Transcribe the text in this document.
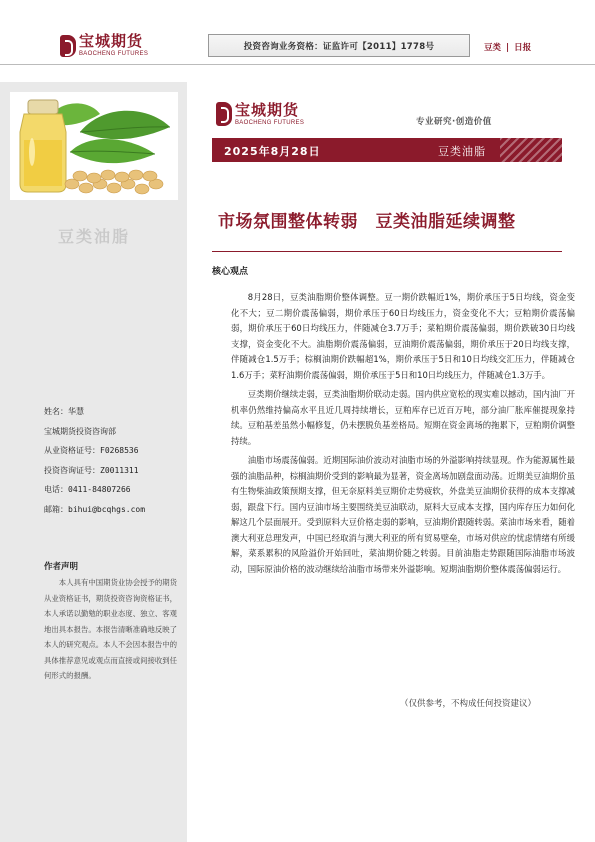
宝城期货
BAOCHENG FUTURES
投资咨询业务资格：证监许可【2011】1778号	豆类 | 日报
豆类油脂
姓名：华慧
宝城期货投资咨询部
从业资格证号：F0268536
投资咨询证号：Z0011311
电话：0411-84807266
邮箱：bihui@bcqhgs.com
作者声明
本人具有中国期货业协会授予的期货从业资格证书，期货投资咨询资格证书，本人承诺以勤勉的职业态度、独立、客观地出具本报告。本报告清晰准确地反映了本人的研究观点。本人不会因本报告中的具体推荐意见或观点而直接或间接收到任何形式的报酬。
宝城期货
BAOCHENG FUTURES	专业研究·创造价值
2025年8月28日	豆类油脂
市场氛围整体转弱　豆类油脂延续调整
核心观点

8月28日，豆类油脂期价整体调整。豆一期价跌幅近1%，期价承压于5日均线，资金变化不大；豆二期价震荡偏弱，期价承压于60日均线压力，资金变化不大；豆粕期价震荡偏弱，期价承压于60日均线压力，伴随减仓3.7万手；菜粕期价震荡偏弱，期价跌破30日均线支撑，资金变化不大。油脂期价震荡偏弱，豆油期价震荡偏弱，期价承压于20日均线支撑，伴随减仓1.5万手；棕榈油期价跌幅超1%，期价承压于5日和10日均线交汇压力，伴随减仓1.6万手；菜籽油期价震荡偏弱，期价承压于5日和10日均线压力，伴随减仓1.3万手。

豆类期价继续走弱，豆类油脂期价联动走弱。国内供应宽松的现实难以撼动，国内油厂开机率仍然维持偏高水平且近几周持续增长，豆粕库存已近百万吨，部分油厂胀库催提现象持续。豆粕基差虽然小幅修复，仍未摆脱负基差格局。短期在资金离场的拖累下，豆粕期价调整持续。

油脂市场震荡偏弱。近期国际油价波动对油脂市场的外溢影响持续显现。作为能源属性最强的油脂品种，棕榈油期价受到的影响最为显著，资金离场加剧盘面动荡。近期美豆油期价虽有生物柴油政策预期支撑，但无奈原料美豆期价走势疲软，外盘美豆油期价获得的成本支撑减弱，跟盘下行。国内豆油市场主要围绕美豆油联动，原料大豆成本支撑，国内库存压力如何化解这几个层面展开。受到原料大豆价格走弱的影响，豆油期价跟随转弱。菜油市场来看，随着澳大利亚总理发声，中国已经取消与澳大利亚的所有贸易壁垒，市场对供应的忧虑情绪有所缓解，菜系累积的风险溢价开始回吐，菜油期价随之转弱。目前油脂走势跟随国际油脂市场波动，国际原油价格的波动继续给油脂市场带来外溢影响。短期油脂期价整体震荡偏弱运行。

（仅供参考，不构成任何投资建议）
